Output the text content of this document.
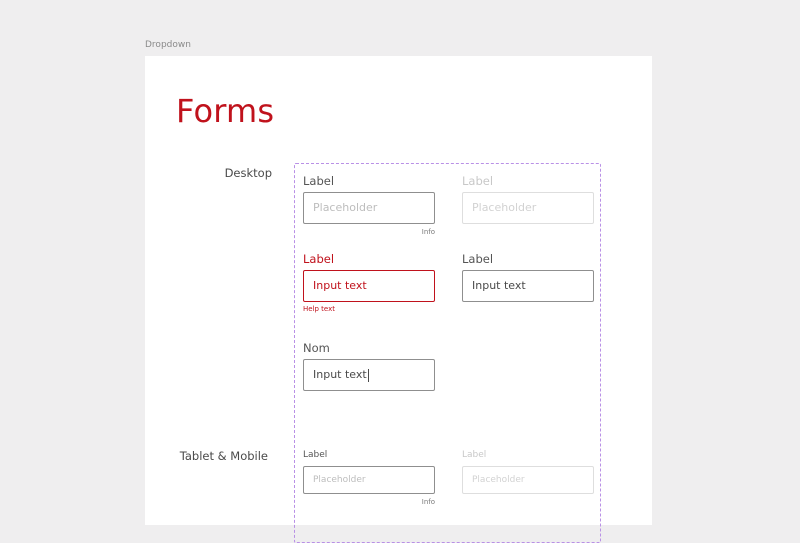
Dropdown
Forms
Desktop
Tablet & Mobile
Label
Placeholder
Info
Label
Placeholder
Label
Input text
Help text
Label
Input text
Nom
Input text
Label
Placeholder
Info
Label
Placeholder
